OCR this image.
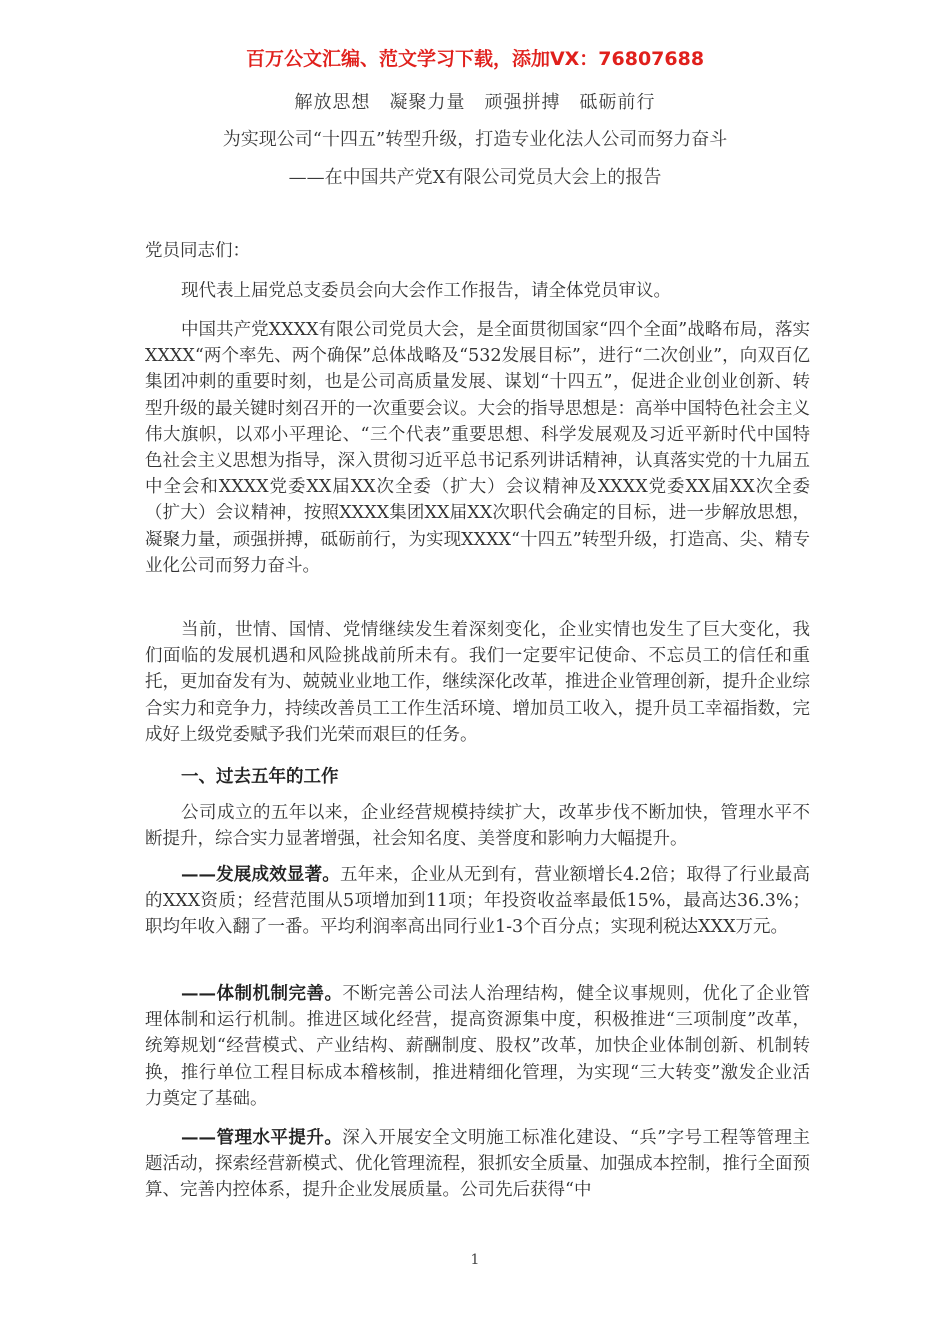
百万公文汇编、范文学习下载，添加VX：76807688
解放思想　凝聚力量　顽强拼搏　砥砺前行
为实现公司“十四五”转型升级，打造专业化法人公司而努力奋斗
——在中国共产党X有限公司党员大会上的报告

党员同志们：

现代表上届党总支委员会向大会作工作报告，请全体党员审议。

中国共产党XXXX有限公司党员大会，是全面贯彻国家“四个全面”战略布局，落实XXXX“两个率先、两个确保”总体战略及“532发展目标”，进行“二次创业”，向双百亿集团冲刺的重要时刻，也是公司高质量发展、谋划“十四五”，促进企业创业创新、转型升级的最关键时刻召开的一次重要会议。大会的指导思想是：高举中国特色社会主义伟大旗帜，以邓小平理论、“三个代表”重要思想、科学发展观及习近平新时代中国特色社会主义思想为指导，深入贯彻习近平总书记系列讲话精神，认真落实党的十九届五中全会和XXXX党委XX届XX次全委（扩大）会议精神及XXXX党委XX届XX次全委（扩大）会议精神，按照XXXX集团XX届XX次职代会确定的目标，进一步解放思想，凝聚力量，顽强拼搏，砥砺前行，为实现XXXX“十四五”转型升级，打造高、尖、精专业化公司而努力奋斗。

当前，世情、国情、党情继续发生着深刻变化，企业实情也发生了巨大变化，我们面临的发展机遇和风险挑战前所未有。我们一定要牢记使命、不忘员工的信任和重托，更加奋发有为、兢兢业业地工作，继续深化改革，推进企业管理创新，提升企业综合实力和竞争力，持续改善员工工作生活环境、增加员工收入，提升员工幸福指数，完成好上级党委赋予我们光荣而艰巨的任务。

一、过去五年的工作

公司成立的五年以来，企业经营规模持续扩大，改革步伐不断加快，管理水平不断提升，综合实力显著增强，社会知名度、美誉度和影响力大幅提升。

——发展成效显著。五年来，企业从无到有，营业额增长4.2倍；取得了行业最高的XXX资质；经营范围从5项增加到11项；年投资收益率最低15%，最高达36.3%；职均年收入翻了一番。平均利润率高出同行业1-3个百分点；实现利税达XXX万元。

——体制机制完善。不断完善公司法人治理结构，健全议事规则，优化了企业管理体制和运行机制。推进区域化经营，提高资源集中度，积极推进“三项制度”改革，统筹规划“经营模式、产业结构、薪酬制度、股权”改革，加快企业体制创新、机制转换，推行单位工程目标成本稽核制，推进精细化管理，为实现“三大转变”激发企业活力奠定了基础。

——管理水平提升。深入开展安全文明施工标准化建设、“兵”字号工程等管理主题活动，探索经营新模式、优化管理流程，狠抓安全质量、加强成本控制，推行全面预算、完善内控体系，提升企业发展质量。公司先后获得“中

1
